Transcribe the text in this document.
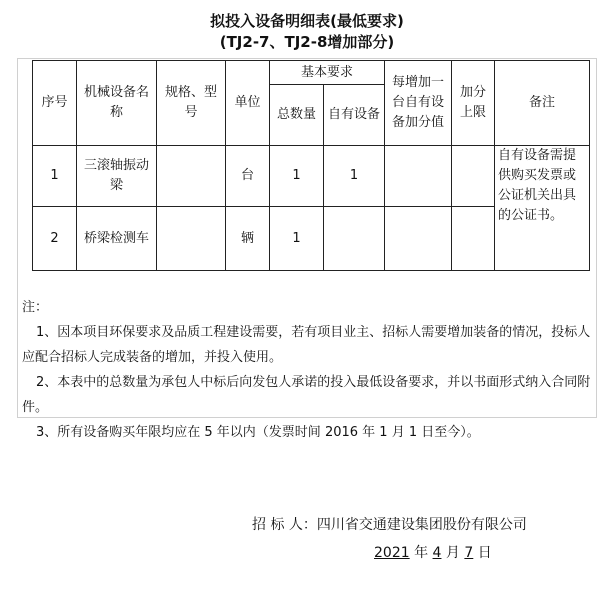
拟投入设备明细表(最低要求)
(TJ2-7、TJ2-8增加部分)
序号	机械设备名称	规格、型号	单位	基本要求		每增加一台自有设备加分值	加分上限	备注
				总数量	自有设备			
1	三滚轴振动梁		台	1	1			自有设备需提供购买发票或公证机关出具的公证书。
2	桥梁检测车		辆	1				

注：

1、因本项目环保要求及品质工程建设需要，若有项目业主、招标人需要增加装备的情况，投标人应配合招标人完成装备的增加，并投入使用。

2、本表中的总数量为承包人中标后向发包人承诺的投入最低设备要求，并以书面形式纳入合同附件。

3、所有设备购买年限均应在 5 年以内（发票时间 2016 年 1 月 1 日至今）。

招 标 人：四川省交通建设集团股份有限公司
2021 年 4 月 7 日
